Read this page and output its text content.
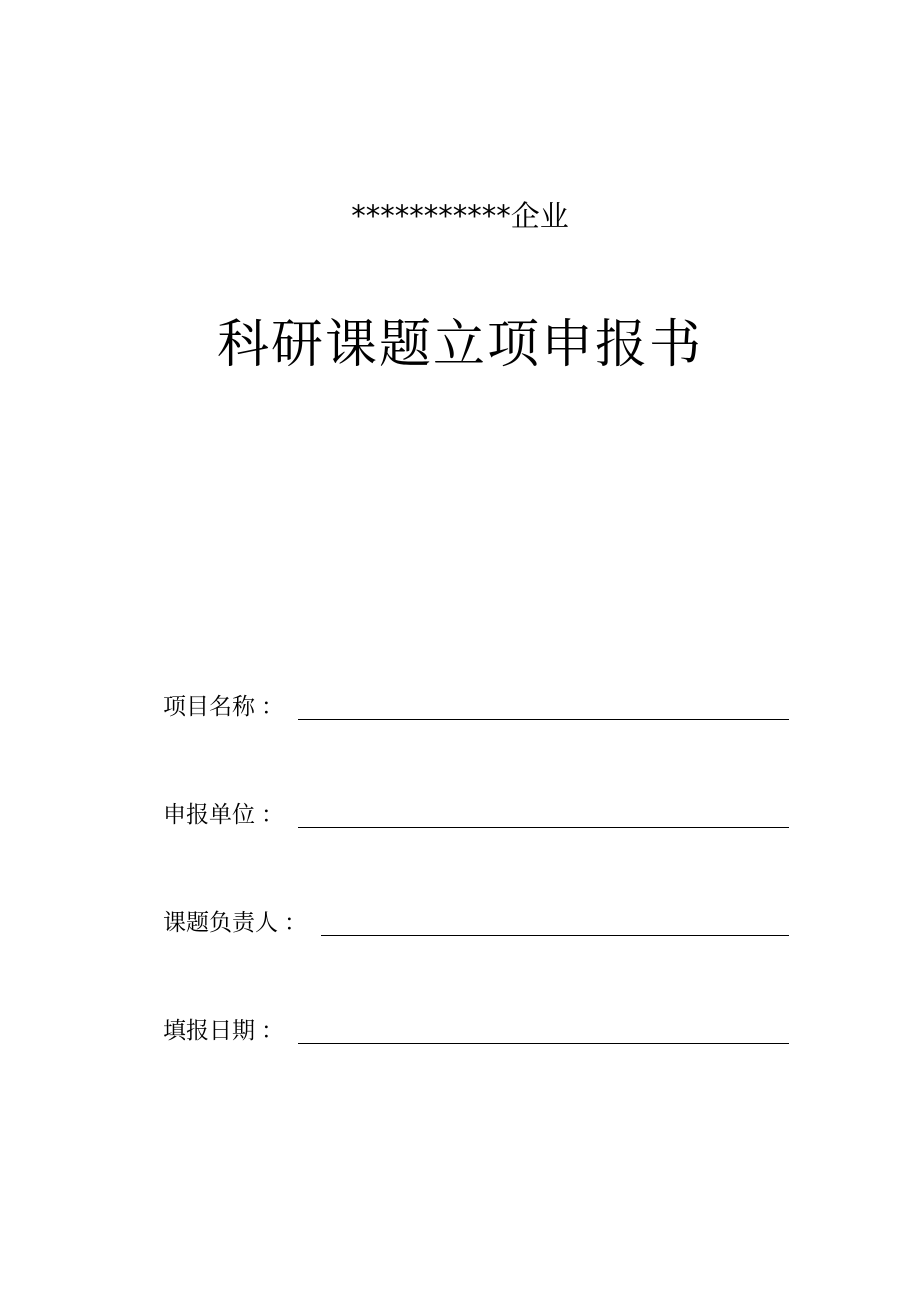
***********企业
科研课题立项申报书
项目名称 ：
申报单位 ：
课题负责人 ：
填报日期 ：
